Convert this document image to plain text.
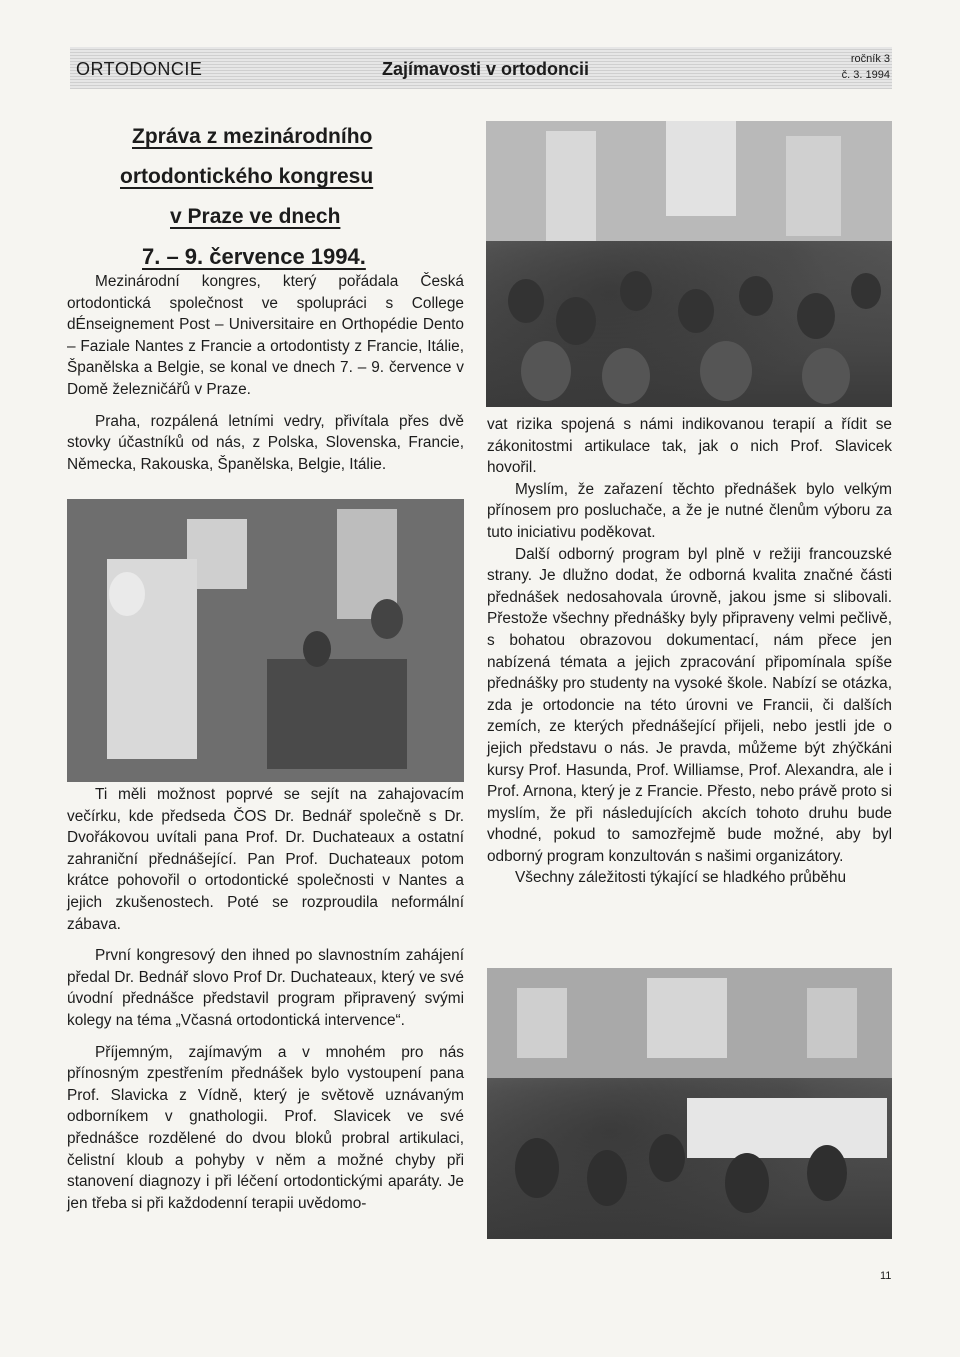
ORTODONCIE	Zajímavosti v ortodoncii	ročník 3
č. 3. 1994
Zpráva z mezinárodního
ortodontického kongresu
v Praze ve dnech
7. – 9. července 1994.

Mezinárodní kongres, který pořádala Česká ortodontická společnost ve spolupráci s College dÉnseignement Post – Universitaire en Orthopédie Dento – Faziale Nantes z Francie a ortodontisty z Francie, Itálie, Španělska a Belgie, se konal ve dnech 7. – 9. července v Domě železničářů v Praze.

Praha, rozpálená letními vedry, přivítala přes dvě stovky účastníků od nás, z Polska, Slovenska, Francie, Německa, Rakouska, Španělska, Belgie, Itálie.

Ti měli možnost poprvé se sejít na zahajovacím večírku, kde předseda ČOS Dr. Bednář společně s Dr. Dvořákovou uvítali pana Prof. Dr. Duchateaux a ostatní zahraniční přednášející. Pan Prof. Duchateaux potom krátce pohovořil o ortodontické společnosti v Nantes a jejich zkušenostech. Poté se rozproudila neformální zábava.

První kongresový den ihned po slavnostním zahájení předal Dr. Bednář slovo Prof Dr. Duchateaux, který ve své úvodní přednášce představil program připravený svými kolegy na téma „Včasná ortodontická intervence“.

Příjemným, zajímavým a v mnohém pro nás přínosným zpestřením přednášek bylo vystoupení pana Prof. Slavicka z Vídně, který je světově uznávaným odborníkem v gnathologii. Prof. Slavicek ve své přednášce rozdělené do dvou bloků probral artikulaci, čelistní kloub a pohyby v něm a možné chyby při stanovení diagnozy i při léčení ortodontickými aparáty. Je jen třeba si při každodenní terapii uvědomo-

vat rizika spojená s námi indikovanou terapií a řídit se zákonitostmi artikulace tak, jak o nich Prof. Slavicek hovořil.

Myslím, že zařazení těchto přednášek bylo velkým přínosem pro posluchače, a že je nutné členům výboru za tuto iniciativu poděkovat.

Další odborný program byl plně v režiji francouzské strany. Je dlužno dodat, že odborná kvalita značné části přednášek nedosahovala úrovně, jakou jsme si slibovali. Přestože všechny přednášky byly připraveny velmi pečlivě, s bohatou obrazovou dokumentací, nám přece jen nabízená témata a jejich zpracování připomínala spíše přednášky pro studenty na vysoké škole. Nabízí se otázka, zda je ortodoncie na této úrovni ve Francii, či dalších zemích, ze kterých přednášející přijeli, nebo jestli jde o jejich představu o nás. Je pravda, můžeme být zhýčkáni kursy Prof. Hasunda, Prof. Williamse, Prof. Alexandra, ale i Prof. Arnona, který je z Francie. Přesto, nebo právě proto si myslím, že při následujících akcích tohoto druhu bude vhodné, pokud to samozřejmě bude možné, aby byl odborný program konzultován s našimi organizátory.

Všechny záležitosti týkající se hladkého průběhu

11
